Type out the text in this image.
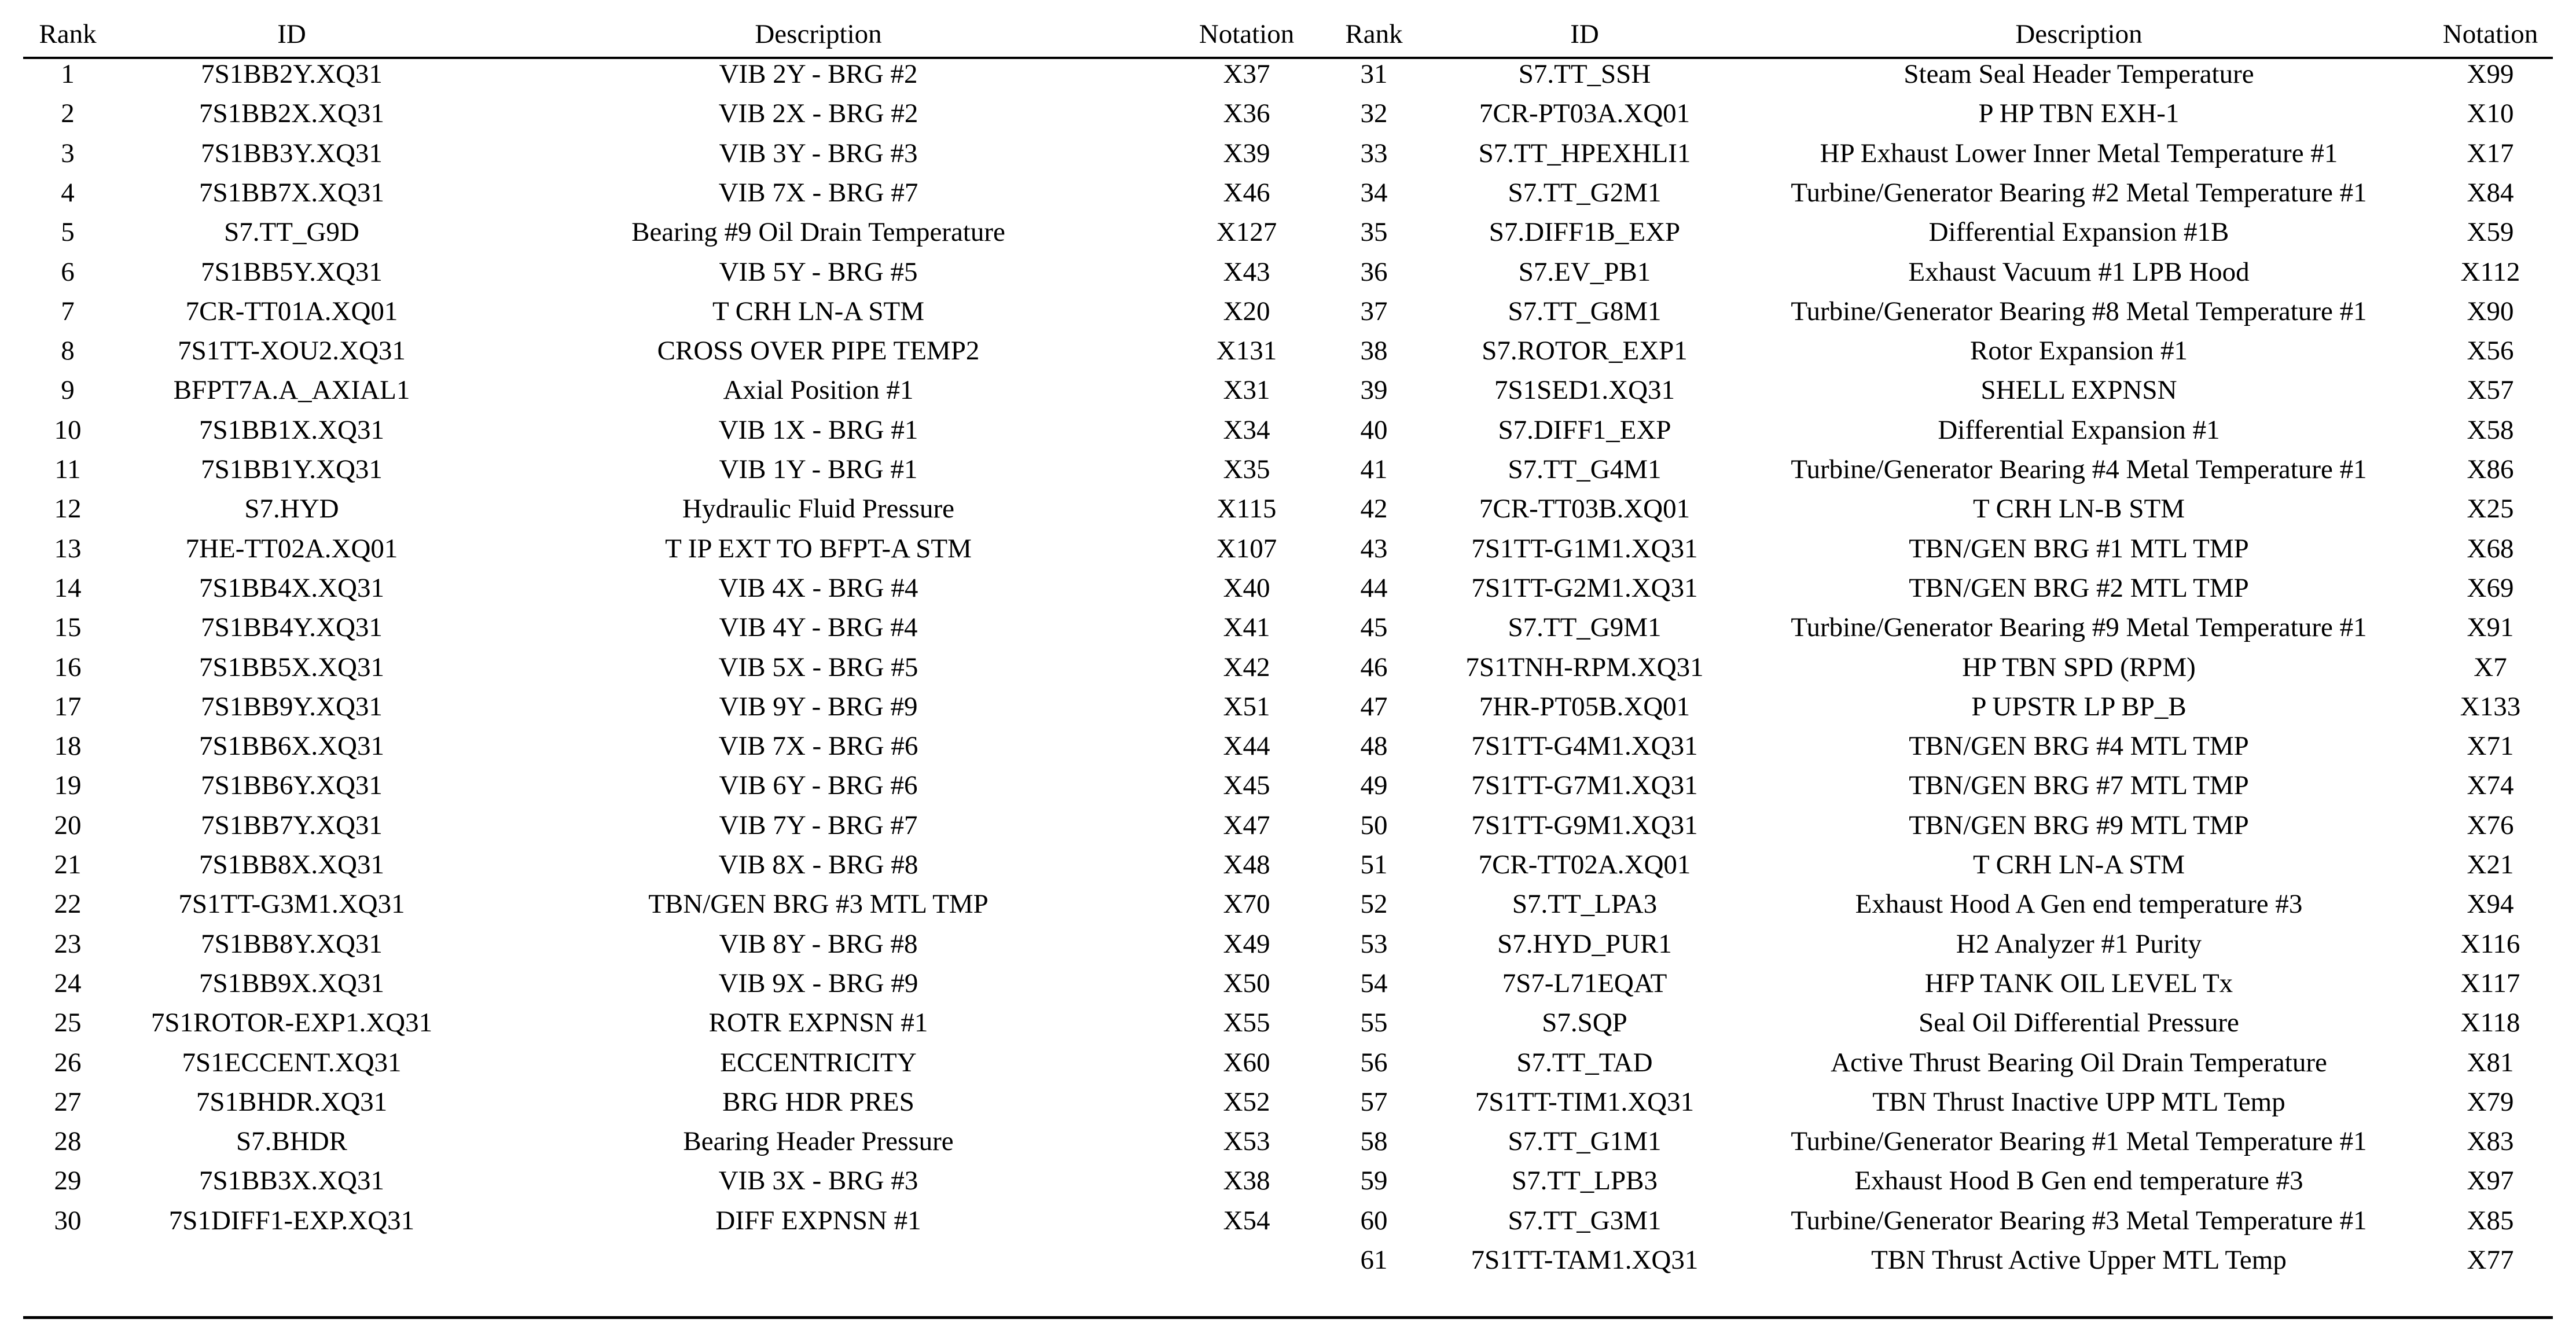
Rank	ID	Description	Notation Rank	ID	Description	Notation
1	7S1BB2Y.XQ31	VIB 2Y - BRG #2	X37
2	7S1BB2X.XQ31	VIB 2X - BRG #2	X36
3	7S1BB3Y.XQ31	VIB 3Y - BRG #3	X39
4	7S1BB7X.XQ31	VIB 7X - BRG #7	X46
5	S7.TT_G9D	Bearing #9 Oil Drain Temperature	X127
6	7S1BB5Y.XQ31	VIB 5Y - BRG #5	X43
7	7CR-TT01A.XQ01	T CRH LN-A STM	X20
8	7S1TT-XOU2.XQ31	CROSS OVER PIPE TEMP2	X131
9	BFPT7A.A_AXIAL1	Axial Position #1	X31
10	7S1BB1X.XQ31	VIB 1X - BRG #1	X34
11	7S1BB1Y.XQ31	VIB 1Y - BRG #1	X35
12	S7.HYD	Hydraulic Fluid Pressure	X115
13	7HE-TT02A.XQ01	T IP EXT TO BFPT-A STM	X107
14	7S1BB4X.XQ31	VIB 4X - BRG #4	X40
15	7S1BB4Y.XQ31	VIB 4Y - BRG #4	X41
16	7S1BB5X.XQ31	VIB 5X - BRG #5	X42
17	7S1BB9Y.XQ31	VIB 9Y - BRG #9	X51
18	7S1BB6X.XQ31	VIB 7X - BRG #6	X44
19	7S1BB6Y.XQ31	VIB 6Y - BRG #6	X45
20	7S1BB7Y.XQ31	VIB 7Y - BRG #7	X47
21	7S1BB8X.XQ31	VIB 8X - BRG #8	X48
22	7S1TT-G3M1.XQ31	TBN/GEN BRG #3 MTL TMP	X70
23	7S1BB8Y.XQ31	VIB 8Y - BRG #8	X49
24	7S1BB9X.XQ31	VIB 9X - BRG #9	X50
25	7S1ROTOR-EXP1.XQ31	ROTR EXPNSN #1	X55
26	7S1ECCENT.XQ31	ECCENTRICITY	X60
27	7S1BHDR.XQ31	BRG HDR PRES	X52
28	S7.BHDR	Bearing Header Pressure	X53
29	7S1BB3X.XQ31	VIB 3X - BRG #3	X38
30	7S1DIFF1-EXP.XQ31	DIFF EXPNSN #1	X54
31	S7.TT_SSH	Steam Seal Header Temperature	X99
32	7CR-PT03A.XQ01	P HP TBN EXH-1	X10
33	S7.TT_HPEXHLI1	HP Exhaust Lower Inner Metal Temperature #1	X17
34	S7.TT_G2M1	Turbine/Generator Bearing #2 Metal Temperature #1	X84
35	S7.DIFF1B_EXP	Differential Expansion #1B	X59
36	S7.EV_PB1	Exhaust Vacuum #1 LPB Hood	X112
37	S7.TT_G8M1	Turbine/Generator Bearing #8 Metal Temperature #1	X90
38	S7.ROTOR_EXP1	Rotor Expansion #1	X56
39	7S1SED1.XQ31	SHELL EXPNSN	X57
40	S7.DIFF1_EXP	Differential Expansion #1	X58
41	S7.TT_G4M1	Turbine/Generator Bearing #4 Metal Temperature #1	X86
42	7CR-TT03B.XQ01	T CRH LN-B STM	X25
43	7S1TT-G1M1.XQ31	TBN/GEN BRG #1 MTL TMP	X68
44	7S1TT-G2M1.XQ31	TBN/GEN BRG #2 MTL TMP	X69
45	S7.TT_G9M1	Turbine/Generator Bearing #9 Metal Temperature #1	X91
46	7S1TNH-RPM.XQ31	HP TBN SPD (RPM)	X7
47	7HR-PT05B.XQ01	P UPSTR LP BP_B	X133
48	7S1TT-G4M1.XQ31	TBN/GEN BRG #4 MTL TMP	X71
49	7S1TT-G7M1.XQ31	TBN/GEN BRG #7 MTL TMP	X74
50	7S1TT-G9M1.XQ31	TBN/GEN BRG #9 MTL TMP	X76
51	7CR-TT02A.XQ01	T CRH LN-A STM	X21
52	S7.TT_LPA3	Exhaust Hood A Gen end temperature #3	X94
53	S7.HYD_PUR1	H2 Analyzer #1 Purity	X116
54	7S7-L71EQAT	HFP TANK OIL LEVEL Tx	X117
55	S7.SQP	Seal Oil Differential Pressure	X118
56	S7.TT_TAD	Active Thrust Bearing Oil Drain Temperature	X81
57	7S1TT-TIM1.XQ31	TBN Thrust Inactive UPP MTL Temp	X79
58	S7.TT_G1M1	Turbine/Generator Bearing #1 Metal Temperature #1	X83
59	S7.TT_LPB3	Exhaust Hood B Gen end temperature #3	X97
60	S7.TT_G3M1	Turbine/Generator Bearing #3 Metal Temperature #1	X85
61	7S1TT-TAM1.XQ31	TBN Thrust Active Upper MTL Temp	X77
